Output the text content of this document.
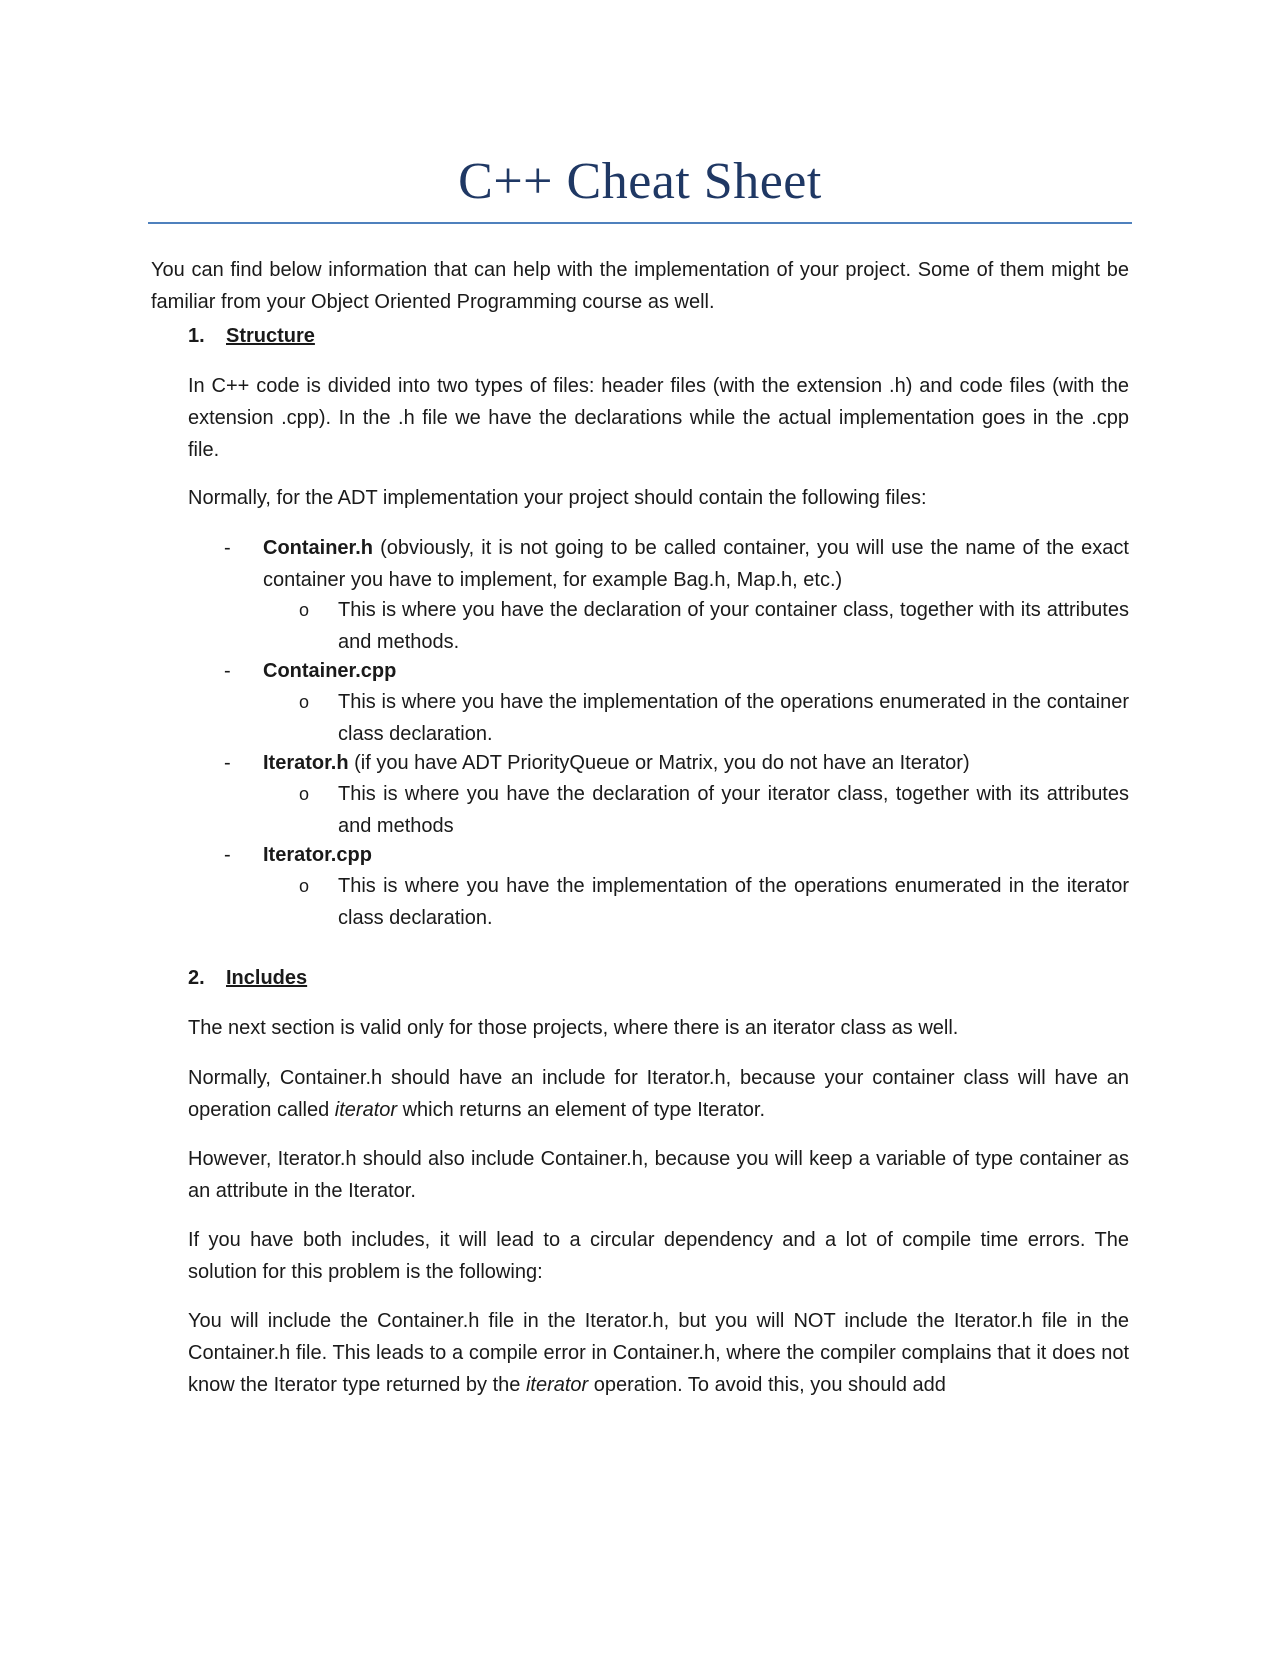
C++ Cheat Sheet

You can find below information that can help with the implementation of your project. Some of them might be familiar from your Object Oriented Programming course as well.

1. Structure

In C++ code is divided into two types of files: header files (with the extension .h) and code files (with the extension .cpp). In the .h file we have the declarations while the actual implementation goes in the .cpp file.

Normally, for the ADT implementation your project should contain the following files:

- Container.h (obviously, it is not going to be called container, you will use the name of the exact container you have to implement, for example Bag.h, Map.h, etc.)

o This is where you have the declaration of your container class, together with its attributes and methods.

- Container.cpp

o This is where you have the implementation of the operations enumerated in the container class declaration.

- Iterator.h (if you have ADT PriorityQueue or Matrix, you do not have an Iterator)

o This is where you have the declaration of your iterator class, together with its attributes and methods

- Iterator.cpp

o This is where you have the implementation of the operations enumerated in the iterator class declaration.

2. Includes

The next section is valid only for those projects, where there is an iterator class as well.

Normally, Container.h should have an include for Iterator.h, because your container class will have an operation called iterator which returns an element of type Iterator.

However, Iterator.h should also include Container.h, because you will keep a variable of type container as an attribute in the Iterator.

If you have both includes, it will lead to a circular dependency and a lot of compile time errors. The solution for this problem is the following:

You will include the Container.h file in the Iterator.h, but you will NOT include the Iterator.h file in the Container.h file. This leads to a compile error in Container.h, where the compiler complains that it does not know the Iterator type returned by the iterator operation. To avoid this, you should add
